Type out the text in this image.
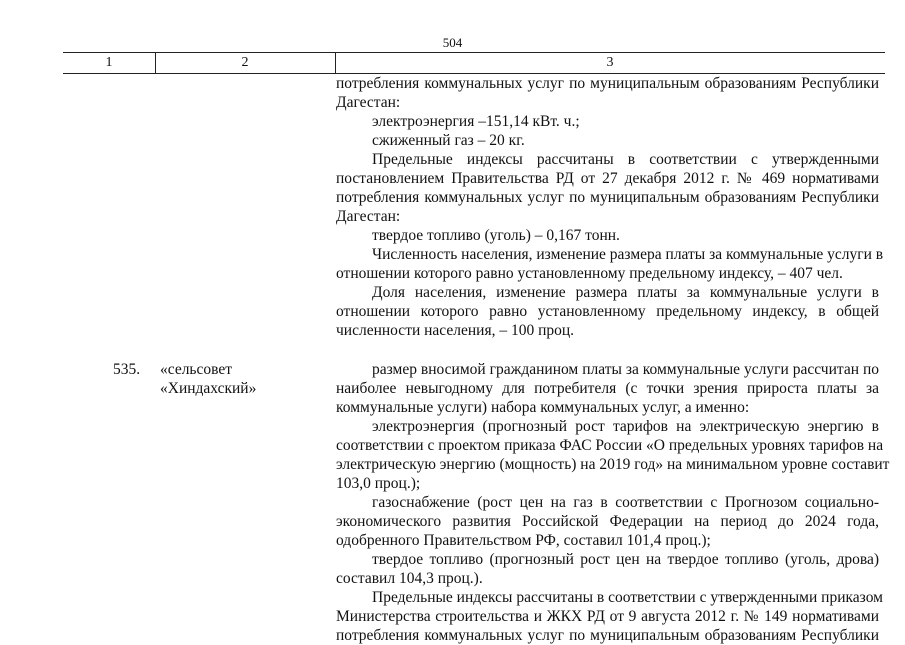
504
1	2	3
потребления коммунальных услуг по муниципальным образованиям Республики
Дагестан:
электроэнергия –151,14 кВт. ч.;
сжиженный газ – 20 кг.
Предельные индексы рассчитаны в соответствии с утвержденными
постановлением Правительства РД от 27 декабря 2012 г. № 469 нормативами
потребления коммунальных услуг по муниципальным образованиям Республики
Дагестан:
твердое топливо (уголь) – 0,167 тонн.
Численность населения, изменение размера платы за коммунальные услуги в
отношении которого равно установленному предельному индексу, – 407 чел.
Доля населения, изменение размера платы за коммунальные услуги в
отношении которого равно установленному предельному индексу, в общей
численности населения, – 100 проц.
535. «сельсовет
«Хиндахский»
размер вносимой гражданином платы за коммунальные услуги рассчитан по
наиболее невыгодному для потребителя (с точки зрения прироста платы за
коммунальные услуги) набора коммунальных услуг, а именно:
электроэнергия (прогнозный рост тарифов на электрическую энергию в
соответствии с проектом приказа ФАС России «О предельных уровнях тарифов на
электрическую энергию (мощность) на 2019 год» на минимальном уровне составит
103,0 проц.);
газоснабжение (рост цен на газ в соответствии с Прогнозом социально-
экономического развития Российской Федерации на период до 2024 года,
одобренного Правительством РФ, составил 101,4 проц.);
твердое топливо (прогнозный рост цен на твердое топливо (уголь, дрова)
составил 104,3 проц.).
Предельные индексы рассчитаны в соответствии с утвержденными приказом
Министерства строительства и ЖКХ РД от 9 августа 2012 г. № 149 нормативами
потребления коммунальных услуг по муниципальным образованиям Республики
